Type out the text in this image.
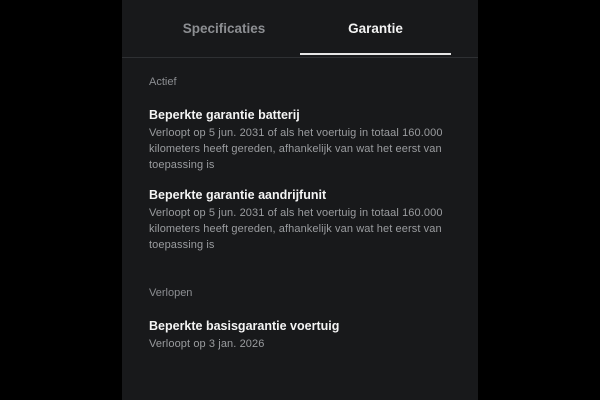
Specificaties	Garantie
Actief
Beperkte garantie batterij
Verloopt op 5 jun. 2031 of als het voertuig in totaal 160.000 kilometers heeft gereden, afhankelijk van wat het eerst van toepassing is
Beperkte garantie aandrijfunit
Verloopt op 5 jun. 2031 of als het voertuig in totaal 160.000 kilometers heeft gereden, afhankelijk van wat het eerst van toepassing is
Verlopen
Beperkte basisgarantie voertuig
Verloopt op 3 jan. 2026
